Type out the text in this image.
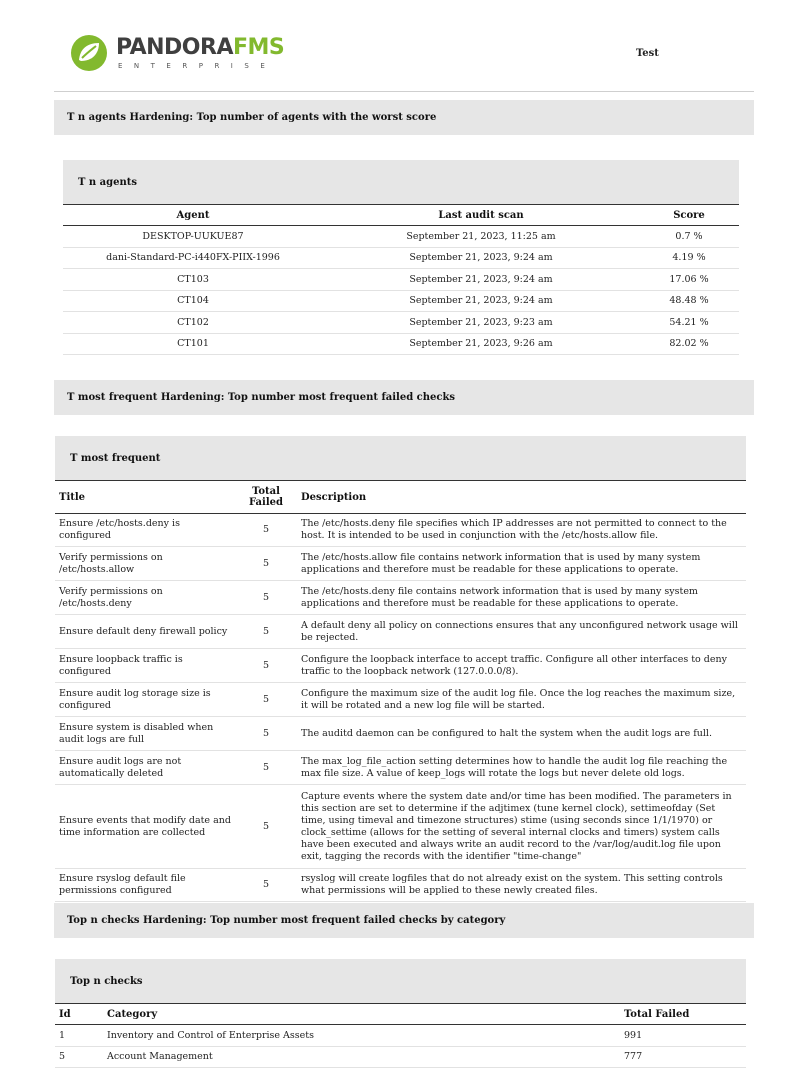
PANDORAFMS
ENTERPRISE
Test
T n agents Hardening: Top number of agents with the worst score
T n agents
Agent	Last audit scan	Score
DESKTOP-UUKUE87	September 21, 2023, 11:25 am	0.7 %
dani-Standard-PC-i440FX-PIIX-1996	September 21, 2023, 9:24 am	4.19 %
CT103	September 21, 2023, 9:24 am	17.06 %
CT104	September 21, 2023, 9:24 am	48.48 %
CT102	September 21, 2023, 9:23 am	54.21 %
CT101	September 21, 2023, 9:26 am	82.02 %
T most frequent Hardening: Top number most frequent failed checks
T most frequent
Title	Total Failed	Description
Ensure /etc/hosts.deny is configured	5	The /etc/hosts.deny file specifies which IP addresses are not permitted to connect to the host. It is intended to be used in conjunction with the /etc/hosts.allow file.
Verify permissions on /etc/hosts.allow	5	The /etc/hosts.allow file contains network information that is used by many system applications and therefore must be readable for these applications to operate.
Verify permissions on /etc/hosts.deny	5	The /etc/hosts.deny file contains network information that is used by many system applications and therefore must be readable for these applications to operate.
Ensure default deny firewall policy	5	A default deny all policy on connections ensures that any unconfigured network usage will be rejected.
Ensure loopback traffic is configured	5	Configure the loopback interface to accept traffic. Configure all other interfaces to deny traffic to the loopback network (127.0.0.0/8).
Ensure audit log storage size is configured	5	Configure the maximum size of the audit log file. Once the log reaches the maximum size, it will be rotated and a new log file will be started.
Ensure system is disabled when audit logs are full	5	The auditd daemon can be configured to halt the system when the audit logs are full.
Ensure audit logs are not automatically deleted	5	The max_log_file_action setting determines how to handle the audit log file reaching the max file size. A value of keep_logs will rotate the logs but never delete old logs.
Ensure events that modify date and time information are collected	5	Capture events where the system date and/or time has been modified. The parameters in this section are set to determine if the adjtimex (tune kernel clock), settimeofday (Set time, using timeval and timezone structures) stime (using seconds since 1/1/1970) or clock_settime (allows for the setting of several internal clocks and timers) system calls have been executed and always write an audit record to the /var/log/audit.log file upon exit, tagging the records with the identifier "time-change"
Ensure rsyslog default file permissions configured	5	rsyslog will create logfiles that do not already exist on the system. This setting controls what permissions will be applied to these newly created files.
Top n checks Hardening: Top number most frequent failed checks by category
Top n checks
Id	Category	Total Failed
1	Inventory and Control of Enterprise Assets	991
5	Account Management	777
